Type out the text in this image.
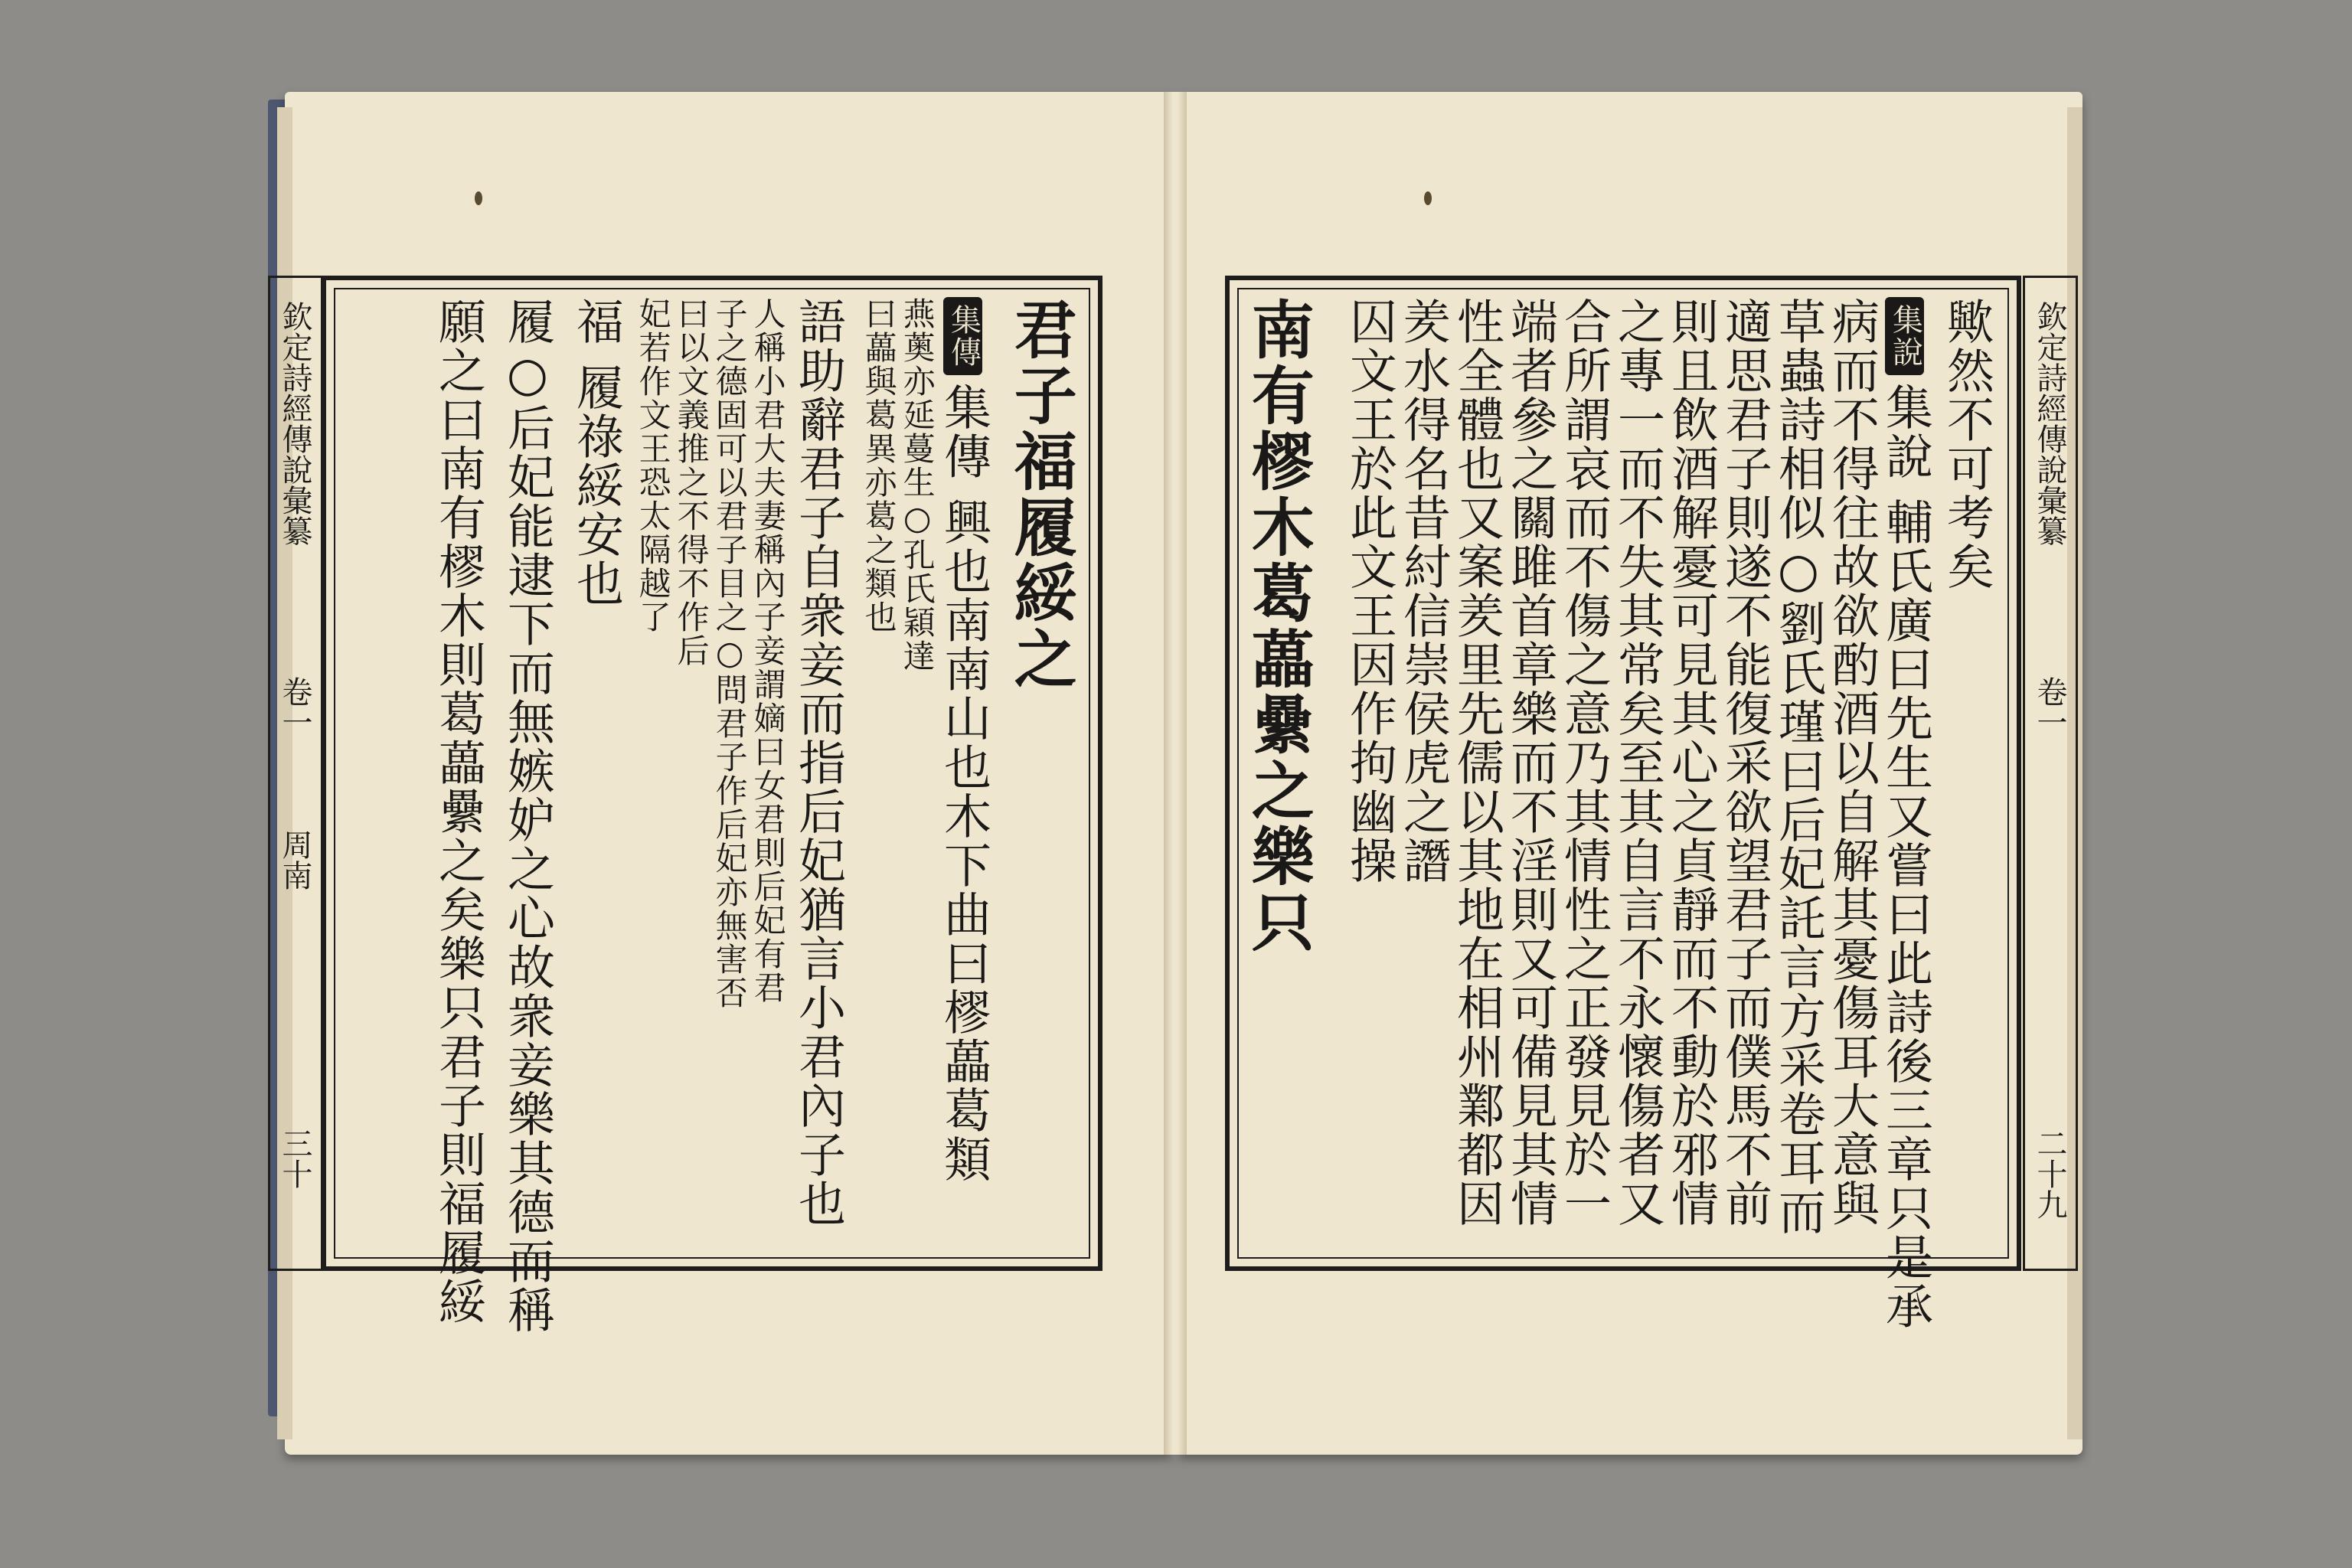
欽定詩經傳說彙纂
卷一
周南
三十
君子福履綏之
集傳集傳 興也南南山也木下曲曰樛藟葛類
燕薁亦延蔓生○孔氏穎達
曰藟與葛異亦葛之類也
語助辭君子自衆妾而指后妃猶言小君內子也
人稱小君大夫妻稱內子妾謂嫡曰女君則后妃有君
子之德固可以君子目之○問君子作后妃亦無害否
曰以文義推之不得不作后
妃若作文王恐太隔越了
福 履祿綏安也
履○后妃能逮下而無嫉妒之心故衆妾樂其德而稱
願之曰南有樛木則葛藟纍之矣樂只君子則福履綏	歟然不可考矣
集說集說 輔氏廣曰先生又嘗曰此詩後三章只是承
病而不得往故欲酌酒以自解其憂傷耳大意與
草蟲詩相似○劉氏瑾曰后妃託言方采卷耳而
適思君子則遂不能復采欲望君子而僕馬不前
則且飲酒解憂可見其心之貞靜而不動於邪情
之專一而不失其常矣至其自言不永懷傷者又
合所謂哀而不傷之意乃其情性之正發見於一
端者參之關雎首章樂而不淫則又可備見其情
性全體也又案羑里先儒以其地在相州鄴都因
羑水得名昔紂信崇侯虎之譖
囚文王於此文王因作拘幽操
南有樛木葛藟纍之樂只	欽定詩經傳說彙纂
卷一
二十九
